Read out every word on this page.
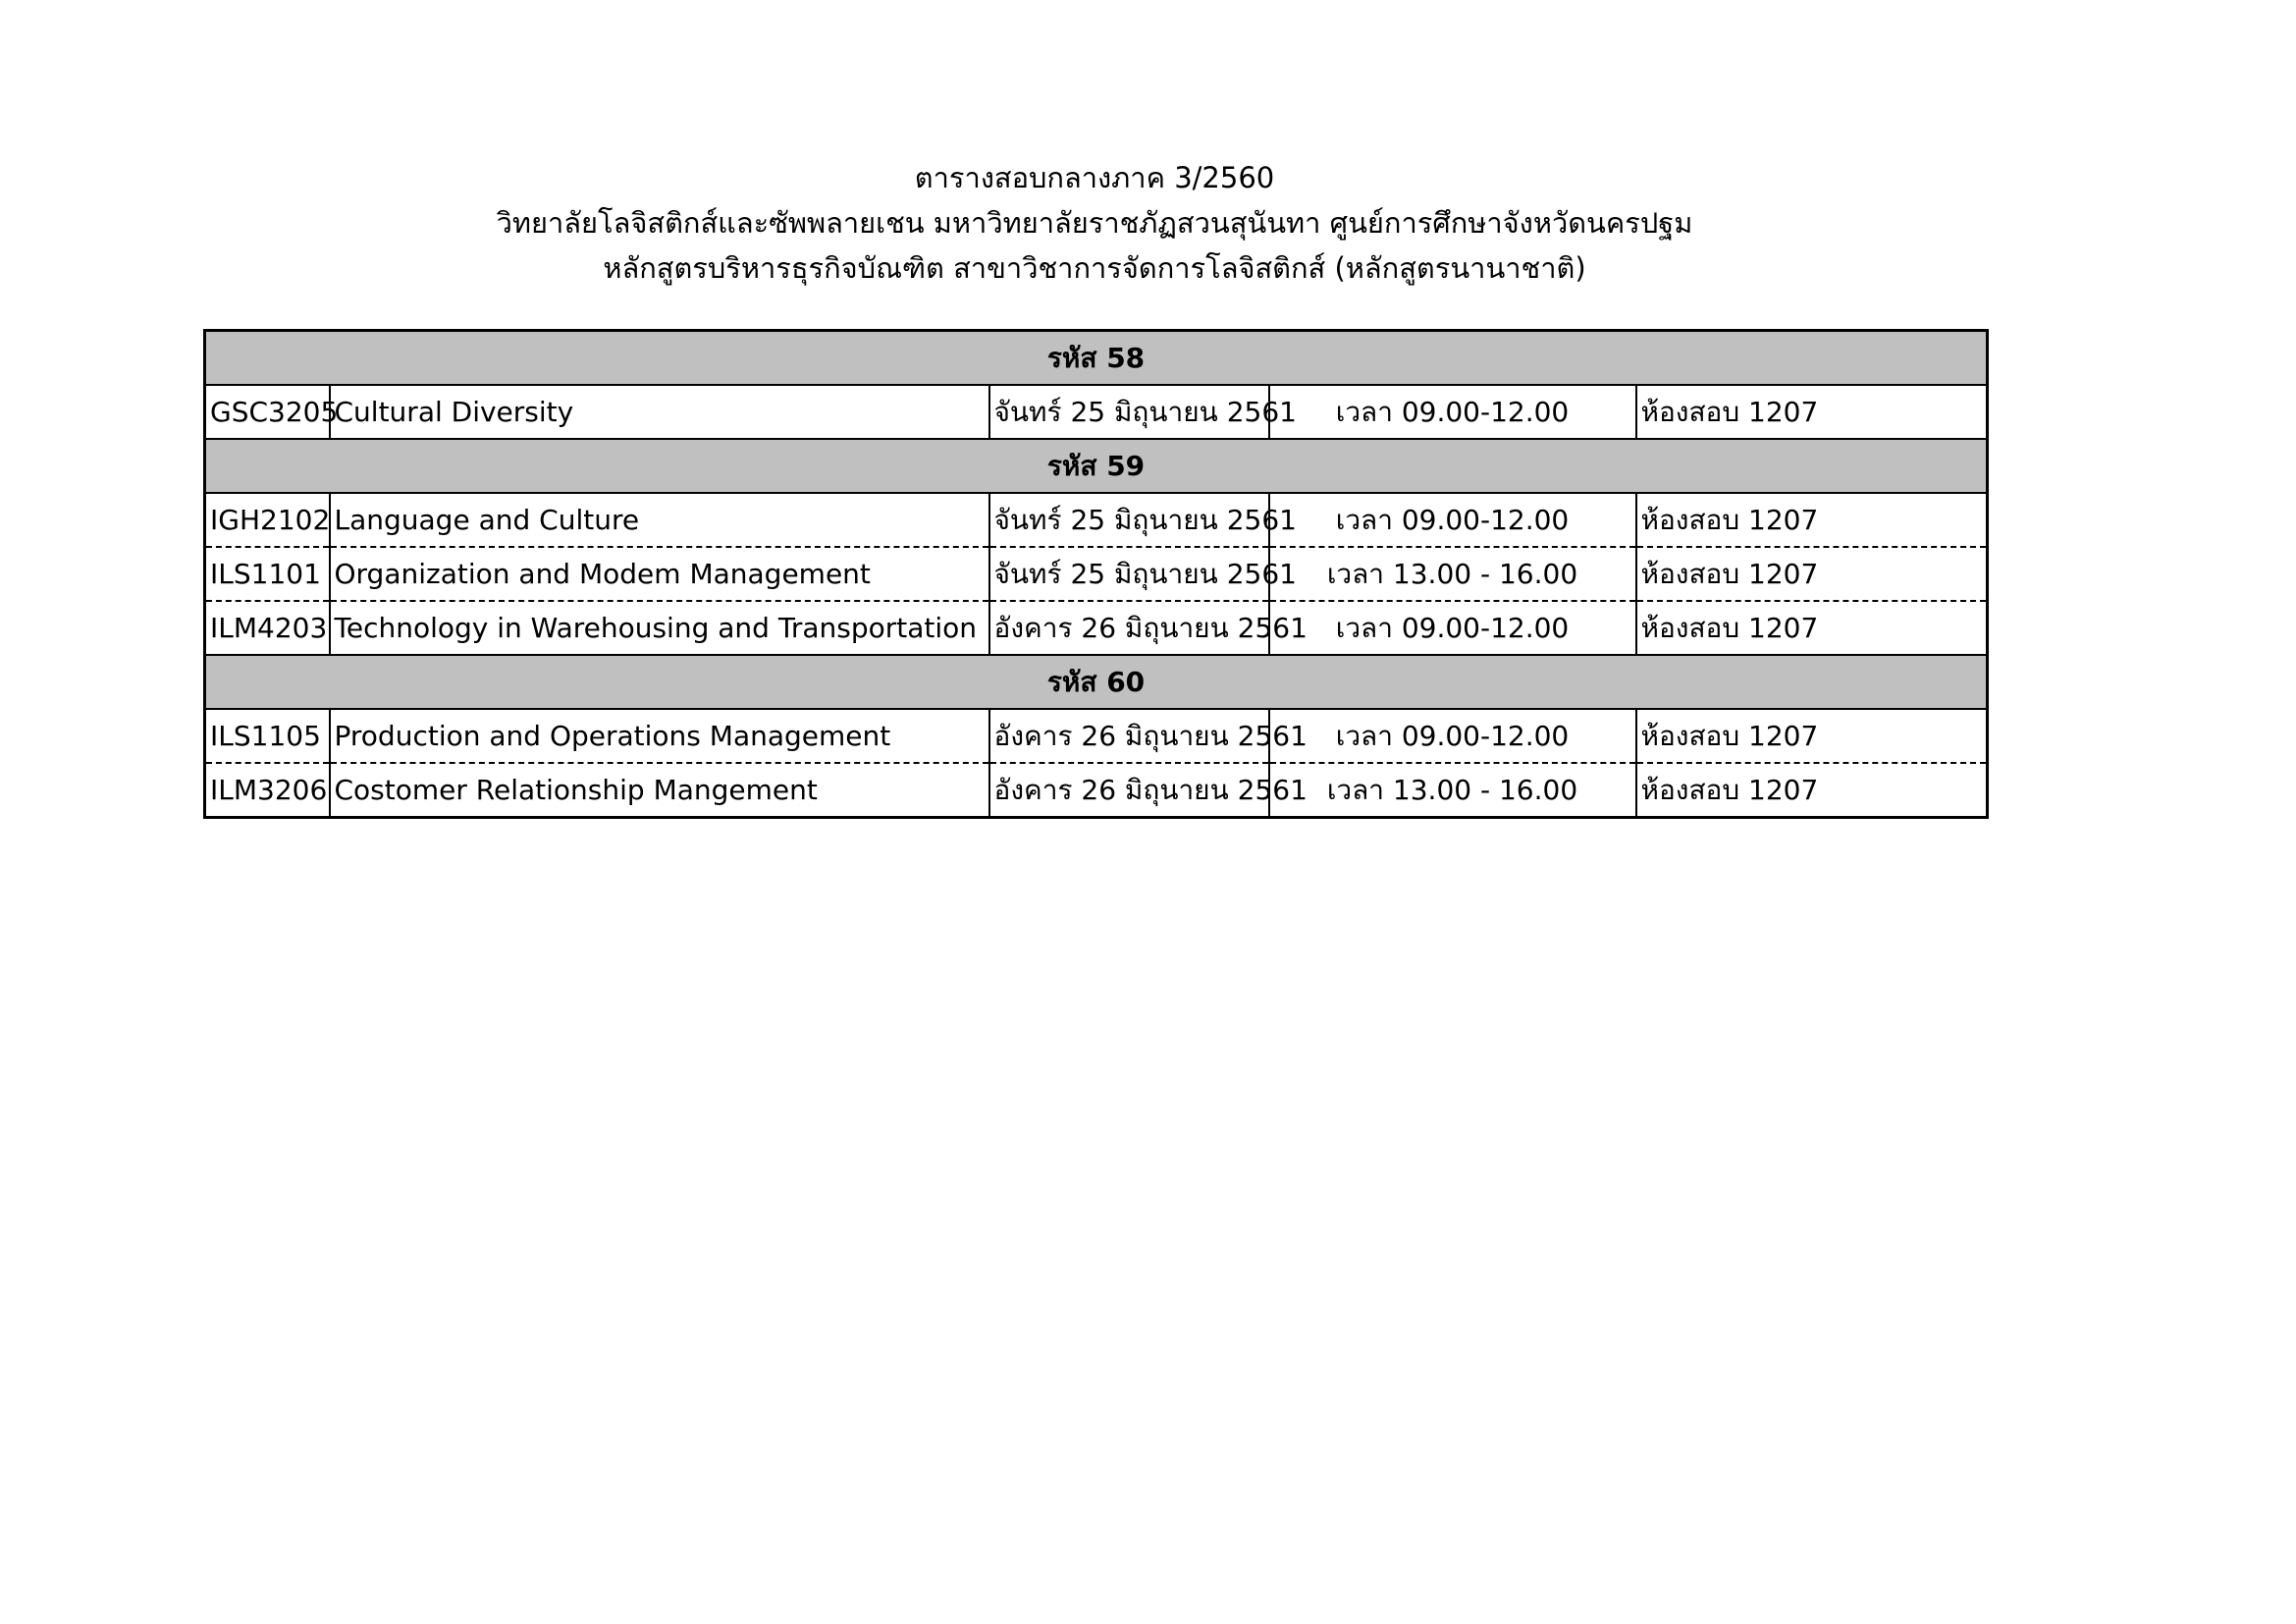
ตารางสอบกลางภาค 3/2560
วิทยาลัยโลจิสติกส์และซัพพลายเชน มหาวิทยาลัยราชภัฏสวนสุนันทา ศูนย์การศึกษาจังหวัดนครปฐม
หลักสูตรบริหารธุรกิจบัณฑิต สาขาวิชาการจัดการโลจิสติกส์ (หลักสูตรนานาชาติ)
รหัส 58				
GSC3205	Cultural Diversity	จันทร์ 25 มิถุนายน 2561	เวลา 09.00-12.00	ห้องสอบ 1207
รหัส 59				
IGH2102	Language and Culture	จันทร์ 25 มิถุนายน 2561	เวลา 09.00-12.00	ห้องสอบ 1207
ILS1101	Organization and Modem Management	จันทร์ 25 มิถุนายน 2561	เวลา 13.00 - 16.00	ห้องสอบ 1207
ILM4203	Technology in Warehousing and Transportation	อังคาร 26 มิถุนายน 2561	เวลา 09.00-12.00	ห้องสอบ 1207
รหัส 60				
ILS1105	Production and Operations Management	อังคาร 26 มิถุนายน 2561	เวลา 09.00-12.00	ห้องสอบ 1207
ILM3206	Costomer Relationship Mangement	อังคาร 26 มิถุนายน 2561	เวลา 13.00 - 16.00	ห้องสอบ 1207
